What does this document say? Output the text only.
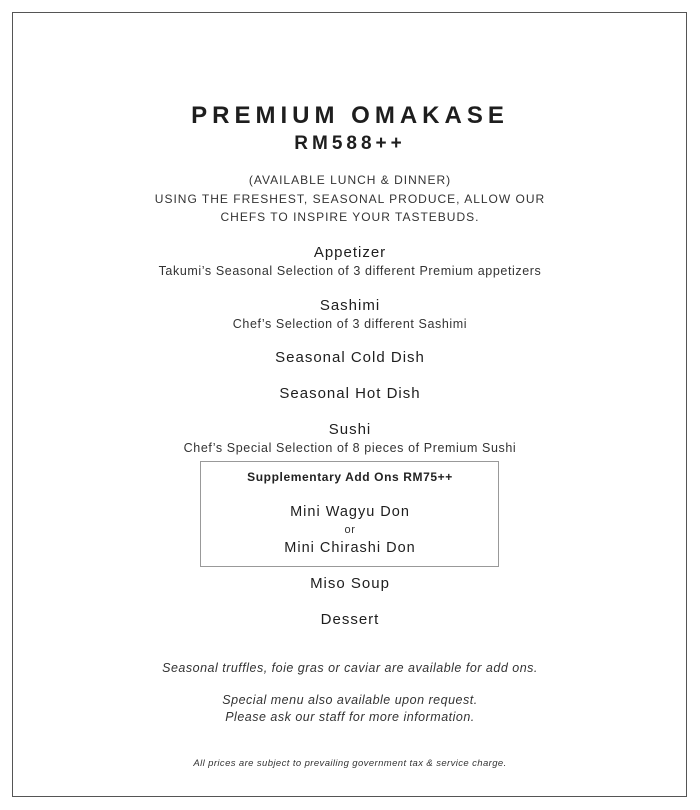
PREMIUM OMAKASE
RM588++
(AVAILABLE LUNCH & DINNER)
USING THE FRESHEST, SEASONAL PRODUCE, ALLOW OUR
CHEFS TO INSPIRE YOUR TASTEBUDS.
Appetizer
Takumi’s Seasonal Selection of 3 different Premium appetizers
Sashimi
Chef’s Selection of 3 different Sashimi
Seasonal Cold Dish
Seasonal Hot Dish
Sushi
Chef’s Special Selection of 8 pieces of Premium Sushi
Supplementary Add Ons RM75++
Mini Wagyu Don
or
Mini Chirashi Don
Miso Soup
Dessert
Seasonal truffles, foie gras or caviar are available for add ons.
Special menu also available upon request.
Please ask our staff for more information.
All prices are subject to prevailing government tax & service charge.
